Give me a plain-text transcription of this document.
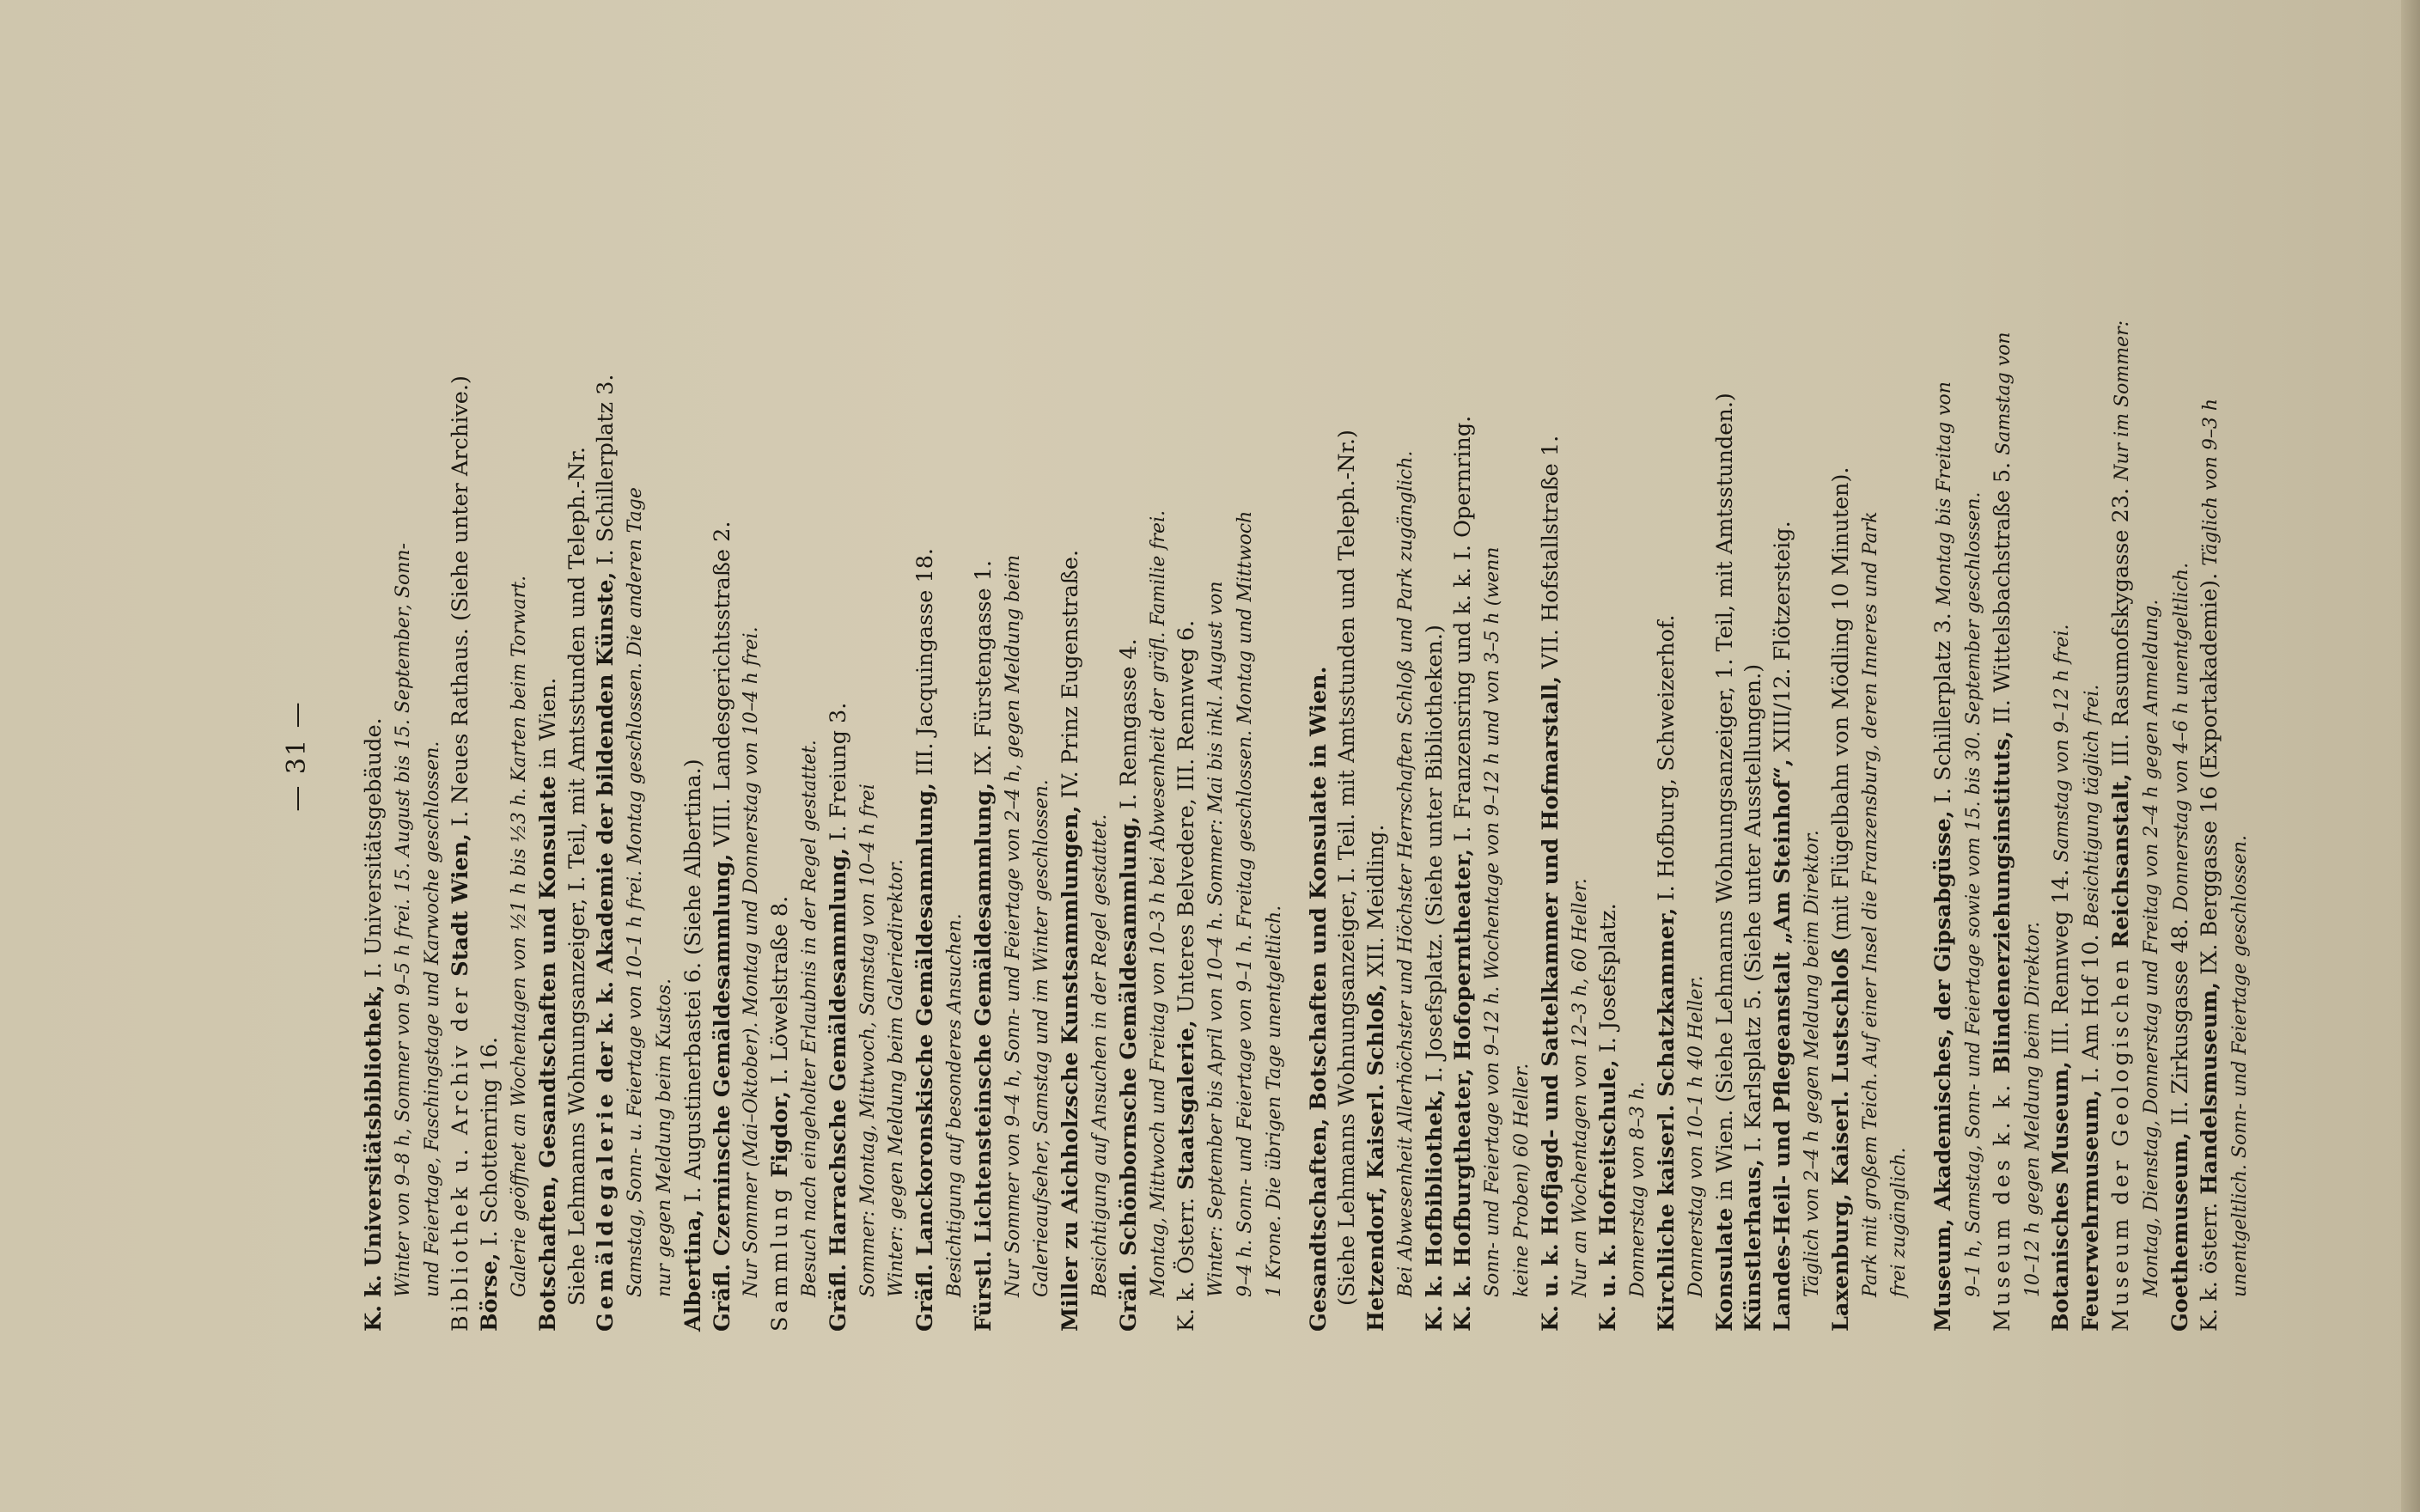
— 31 —
K. k. Universitätsbibliothek, I. Universitätsgebäude. Winter von 9–8 h, Sommer von 9–5 h frei. 15. August bis 15. September, Sonn- und Feiertage, Faschingstage und Karwoche geschlossen. Bibliothek u. Archiv der Stadt Wien, I. Neues Rathaus. (Siehe unter Archive.)
Börse, I. Schottenring 16. Galerie geöffnet an Wochentagen von ½1 h bis ½3 h. Karten beim Torwart. Botschaften, Gesandtschaften und Konsulate in Wien. Siehe Lehmanns Wohnungsanzeiger, I. Teil, mit Amtsstunden und Teleph.-Nr. Gemäldegalerie der k. k. Akademie der bildenden Künste, I. Schillerplatz 3.
Samstag, Sonn- u. Feiertage von 10–1 h frei. Montag geschlossen. Die anderen Tage nur gegen Meldung beim Kustos. Albertina, I. Augustinerbastei 6. (Siehe Albertina.) Gräfl. Czerninsche Gemäldesammlung, VIII. Landesgerichtsstraße 2. Nur Sommer (Mai–Oktober). Montag und Donnerstag von 10–4 h frei. Sammlung Figdor, I. Löwelstraße 8. Besuch nach eingeholter Erlaubnis in der Regel gestattet. Gräfl. Harrachsche Gemäldesammlung, I. Freiung 3.
Sommer: Montag, Mittwoch, Samstag von 10–4 h frei Winter: gegen Meldung beim Galeriedirektor. Gräfl. Lanckoronskische Gemäldesammlung, III. Jacquingasse 18.
Besichtigung auf besonderes Ansuchen. Fürstl. Lichtensteinsche Gemäldesammlung, IX. Fürstengasse 1. Nur Sommer von 9–4 h, Sonn- und Feiertage von 2–4 h, gegen Meldung beim Galerieaufseher, Samstag und im Winter geschlossen. Miller zu Aichholzsche Kunstsammlungen, IV. Prinz Eugenstraße.
Besichtigung auf Ansuchen in der Regel gestattet. Gräfl. Schönbornsche Gemäldesammlung, I. Renngasse 4. Montag, Mittwoch und Freitag von 10–3 h bei Abwesenheit der gräfl. Familie frei. K. k. Österr. Staatsgalerie, Unteres Belvedere, III. Rennweg 6. Winter: September bis April von 10–4 h. Sommer: Mai bis inkl. August von 9–4 h. Sonn- und Feiertage von 9–1 h. Freitag geschlossen. Montag und Mittwoch 1 Krone. Die übrigen Tage unentgeltlich. Gesandtschaften, Botschaften und Konsulate in Wien. (Siehe Lehmanns Wohnungsanzeiger, I. Teil. mit Amtsstunden und Teleph.-Nr.) Hetzendorf, Kaiserl. Schloß, XII. Meidling. Bei Abwesenheit Allerhöchster und Höchster Herrschaften Schloß und Park zugänglich. K. k. Hofbibliothek, I. Josefsplatz. (Siehe unter Bibliotheken.)
K. k. Hofburgtheater, Hofoperntheater, I. Franzensring und k. k. I. Opernring.
Sonn- und Feiertage von 9–12 h. Wochentage von 9–12 h und von 3–5 h (wenn keine Proben) 60 Heller. K. u. k. Hofjagd- und Sattelkammer und Hofmarstall, VII. Hofstallstraße 1.
Nur an Wochentagen von 12–3 h, 60 Heller. K. u. k. Hofreitschule, I. Josefsplatz.
Donnerstag von 8–3 h. Kirchliche kaiserl. Schatzkammer, I. Hofburg, Schweizerhof.
Donnerstag von 10–1 h 40 Heller. Konsulate in Wien. (Siehe Lehmanns Wohnungsanzeiger, 1. Teil, mit Amtsstunden.)
Künstlerhaus, I. Karlsplatz 5. (Siehe unter Ausstellungen.) Landes-Heil- und Pflegeanstalt „Am Steinhof“, XIII/12. Flötzersteig.
Täglich von 2–4 h gegen Meldung beim Direktor. Laxenburg, Kaiserl. Lustschloß (mit Flügelbahn von Mödling 10 Minuten). Park mit großem Teich. Auf einer Insel die Franzensburg, deren Inneres und Park frei zugänglich. Museum, Akademisches, der Gipsabgüsse, I. Schillerplatz 3. Montag bis Freitag von 9–1 h, Samstag, Sonn- und Feiertage sowie vom 15. bis 30. September geschlossen. Museum des k. k. Blindenerziehungsinstituts, II. Wittelsbachstraße 5. Samstag von
10–12 h gegen Meldung beim Direktor. Botanisches Museum, III. Rennweg 14. Samstag von 9–12 h frei.
Feuerwehrmuseum, I. Am Hof 10. Besichtigung täglich frei.
Museum der Geologischen Reichsanstalt, III. Rasumofskygasse 23. Nur im Sommer:
Montag, Dienstag, Donnerstag und Freitag von 2–4 h gegen Anmeldung. Goethemuseum, II. Zirkusgasse 48. Donnerstag von 4–6 h unentgeltlich.
K. k. österr. Handelsmuseum, IX. Berggasse 16 (Exportakademie). Täglich von 9–3 h
unentgeltlich. Sonn- und Feiertage geschlossen.
